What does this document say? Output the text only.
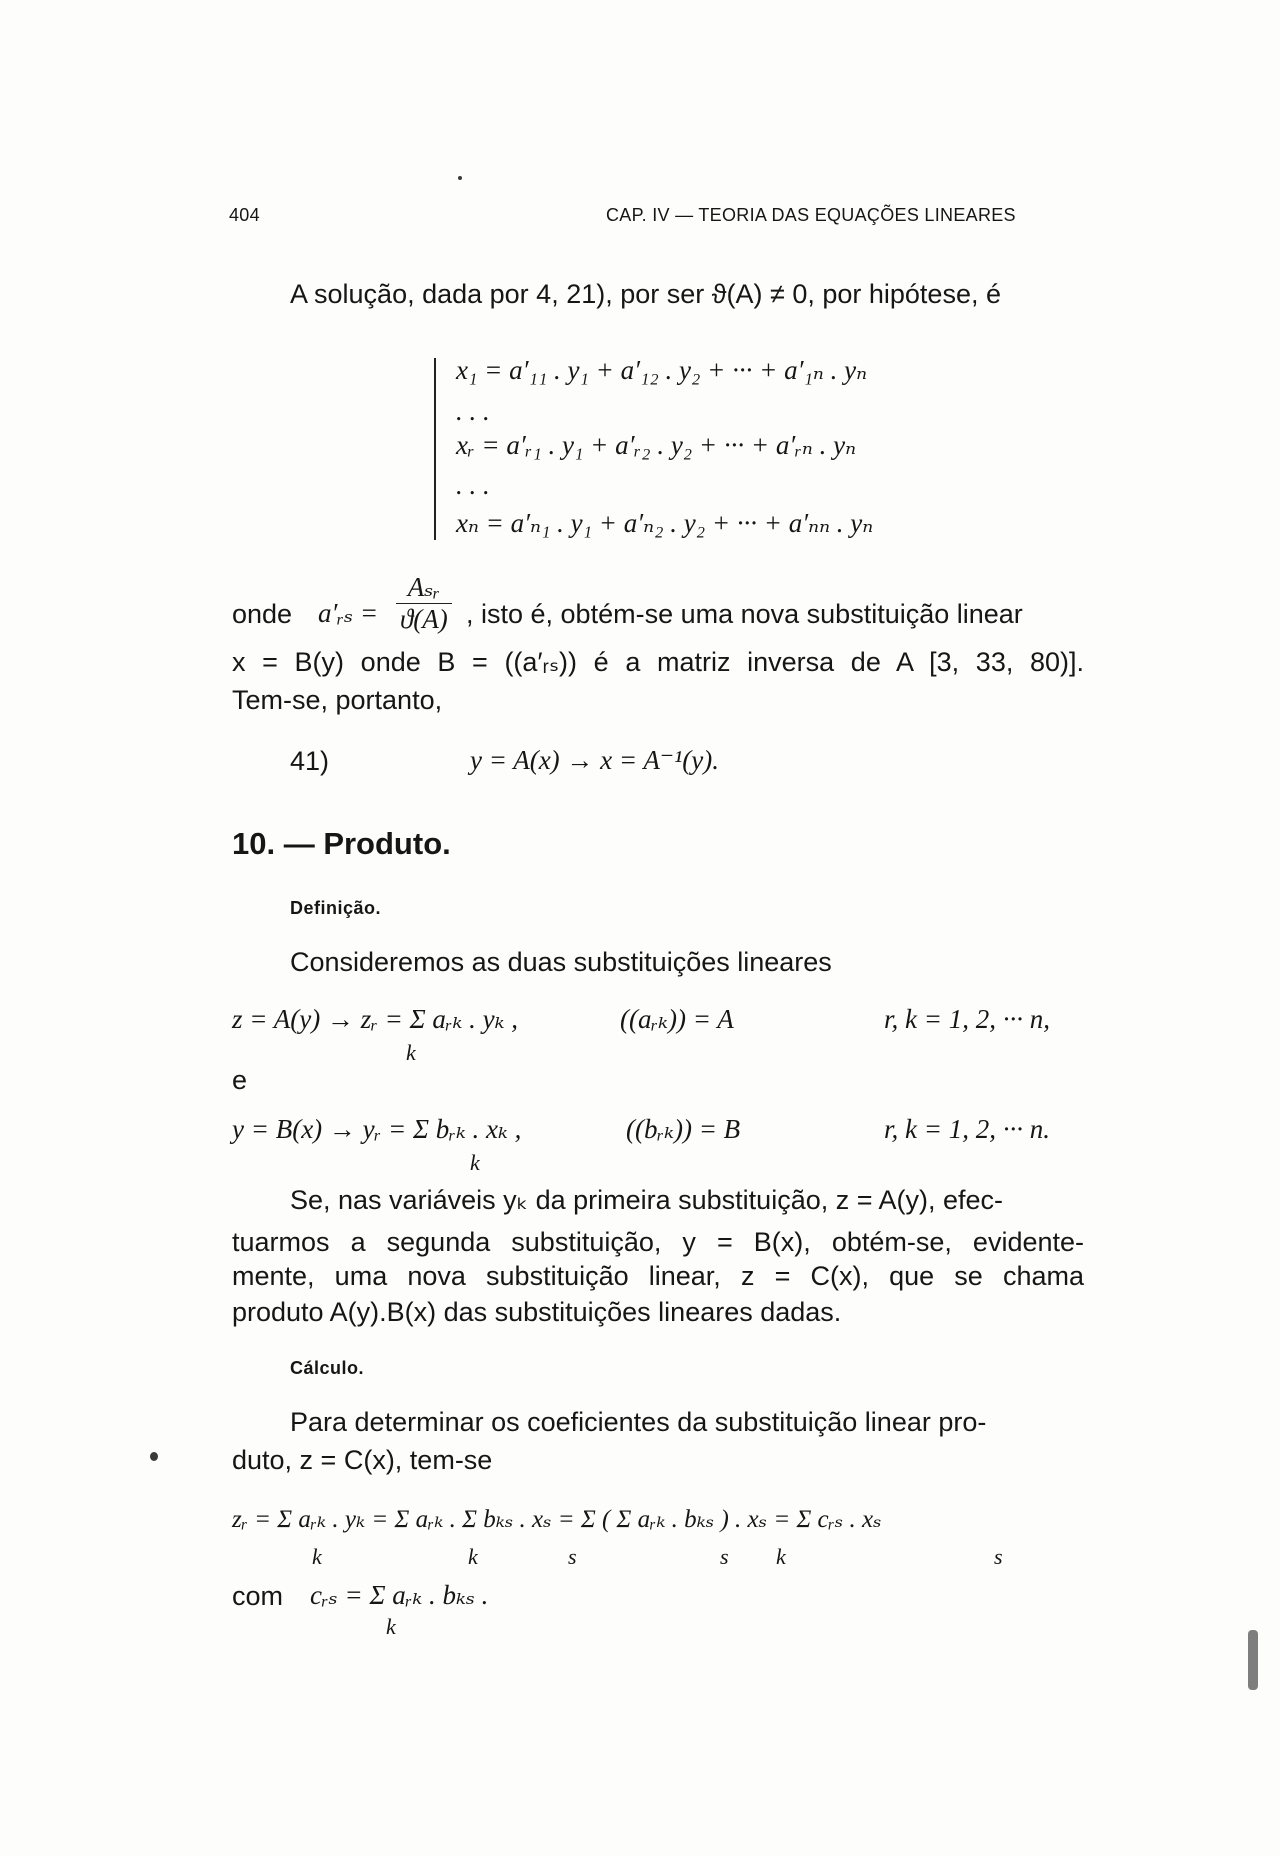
404	CAP. IV — TEORIA DAS EQUAÇÕES LINEARES
A solução, dada por 4, 21), por ser ϑ(A) ≠ 0, por hipótese, é
x₁ = a′₁₁ . y₁ + a′₁₂ . y₂ + ··· + a′₁ₙ . yₙ
. . .
xᵣ = a′ᵣ₁ . y₁ + a′ᵣ₂ . y₂ + ··· + a′ᵣₙ . yₙ
. . .
xₙ = a′ₙ₁ . y₁ + a′ₙ₂ . y₂ + ··· + a′ₙₙ . yₙ
onde a′ᵣₛ = $\frac{\text{Aₛᵣ}}{ϑ(A)}$ , isto é, obtém-se uma nova substituição linear
x = B(y) onde B = ((a′ᵣₛ)) é a matriz inversa de A [3, 33, 80)].
Tem-se, portanto,
41)	y = A(x) → x = A⁻¹(y).
10. — Produto.
Definição.
Consideremos as duas substituições lineares
z = A(y) → zᵣ = Σ aᵣₖ . yₖ ,
k
((aᵣₖ)) = A	r, k = 1, 2, ··· n,
e
y = B(x) → yᵣ = Σ bᵣₖ . xₖ ,
k
((bᵣₖ)) = B	r, k = 1, 2, ··· n.
Se, nas variáveis yₖ da primeira substituição, z = A(y), efec-
tuarmos a segunda substituição, y = B(x), obtém-se, evidente-
mente, uma nova substituição linear, z = C(x), que se chama
produto A(y).B(x) das substituições lineares dadas.
Cálculo.
Para determinar os coeficientes da substituição linear pro-
duto, z = C(x), tem-se
zᵣ = Σ aᵣₖ . yₖ = Σ aᵣₖ . Σ bₖₛ . xₛ = Σ ( Σ aᵣₖ . bₖₛ ) . xₛ = Σ cᵣₛ . xₛ
k	k	s	s k	s
com cᵣₛ = Σ aᵣₖ . bₖₛ .
k
